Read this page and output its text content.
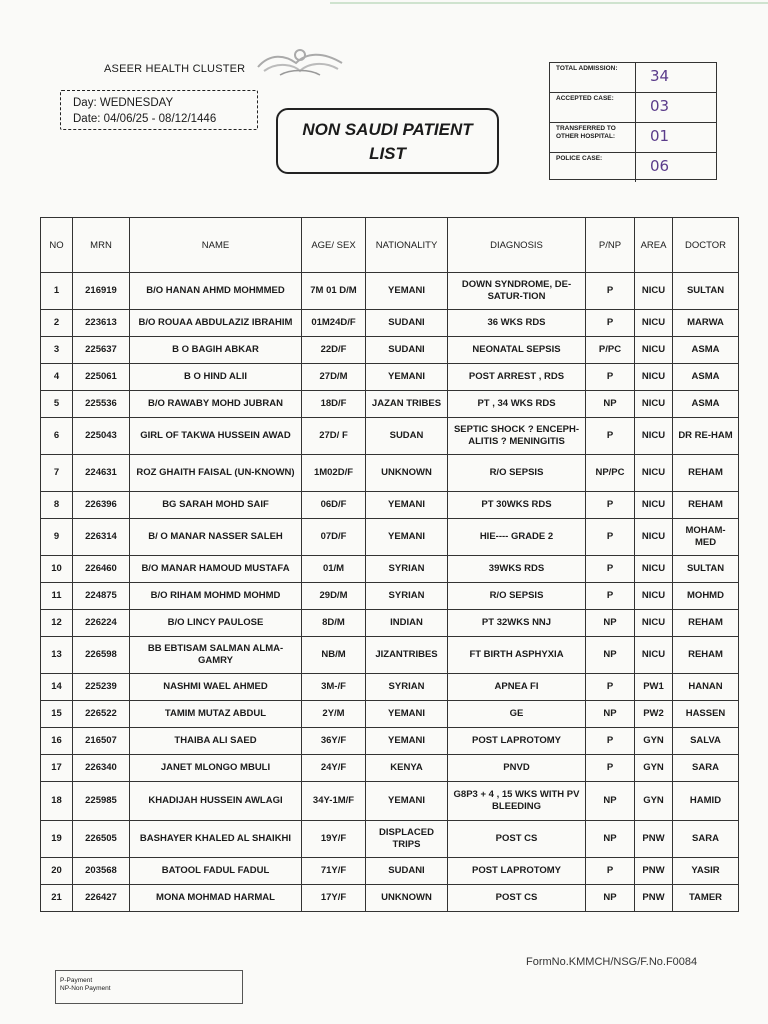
ASEER HEALTH CLUSTER
Day: WEDNESDAY
Date: 04/06/25 - 08/12/1446
NON SAUDI PATIENT
LIST
TOTAL ADMISSION:	34
ACCEPTED CASE:	03
TRANSFERRED TO OTHER HOSPITAL:	01
POLICE CASE:	06
NO	MRN	NAME	AGE/ SEX	NATIONALITY	DIAGNOSIS	P/NP	AREA	DOCTOR
1	216919	B/O HANAN AHMD MOHMMED	7M 01 D/M	YEMANI	DOWN SYNDROME, DE-SATUR-TION	P	NICU	SULTAN
2	223613	B/O ROUAA ABDULAZIZ IBRAHIM	01M24D/F	SUDANI	36 WKS RDS	P	NICU	MARWA
3	225637	B O BAGIH ABKAR	22D/F	SUDANI	NEONATAL SEPSIS	P/PC	NICU	ASMA
4	225061	B O HIND ALII	27D/M	YEMANI	POST ARREST , RDS	P	NICU	ASMA
5	225536	B/O RAWABY MOHD JUBRAN	18D/F	JAZAN TRIBES	PT , 34 WKS RDS	NP	NICU	ASMA
6	225043	GIRL OF TAKWA HUSSEIN AWAD	27D/ F	SUDAN	SEPTIC SHOCK ? ENCEPH-ALITIS ? MENINGITIS	P	NICU	DR RE-HAM
7	224631	ROZ GHAITH FAISAL (UN-KNOWN)	1M02D/F	UNKNOWN	R/O SEPSIS	NP/PC	NICU	REHAM
8	226396	BG SARAH MOHD SAIF	06D/F	YEMANI	PT 30WKS RDS	P	NICU	REHAM
9	226314	B/ O MANAR NASSER SALEH	07D/F	YEMANI	HIE---- GRADE 2	P	NICU	MOHAM-MED
10	226460	B/O MANAR HAMOUD MUSTAFA	01/M	SYRIAN	39WKS RDS	P	NICU	SULTAN
11	224875	B/O RIHAM MOHMD MOHMD	29D/M	SYRIAN	R/O SEPSIS	P	NICU	MOHMD
12	226224	B/O LINCY PAULOSE	8D/M	INDIAN	PT 32WKS NNJ	NP	NICU	REHAM
13	226598	BB EBTISAM SALMAN ALMA-GAMRY	NB/M	JIZANTRIBES	FT BIRTH ASPHYXIA	NP	NICU	REHAM
14	225239	NASHMI WAEL AHMED	3M-/F	SYRIAN	APNEA FI	P	PW1	HANAN
15	226522	TAMIM MUTAZ ABDUL	2Y/M	YEMANI	GE	NP	PW2	HASSEN
16	216507	THAIBA ALI SAED	36Y/F	YEMANI	POST LAPROTOMY	P	GYN	SALVA
17	226340	JANET MLONGO MBULI	24Y/F	KENYA	PNVD	P	GYN	SARA
18	225985	KHADIJAH HUSSEIN AWLAGI	34Y-1M/F	YEMANI	G8P3 + 4 , 15 WKS WITH PV BLEEDING	NP	GYN	HAMID
19	226505	BASHAYER KHALED AL SHAIKHI	19Y/F	DISPLACED TRIPS	POST CS	NP	PNW	SARA
20	203568	BATOOL FADUL FADUL	71Y/F	SUDANI	POST LAPROTOMY	P	PNW	YASIR
21	226427	MONA MOHMAD HARMAL	17Y/F	UNKNOWN	POST CS	NP	PNW	TAMER
FormNo.KMMCH/NSG/F.No.F0084
P-Payment
NP-Non Payment
